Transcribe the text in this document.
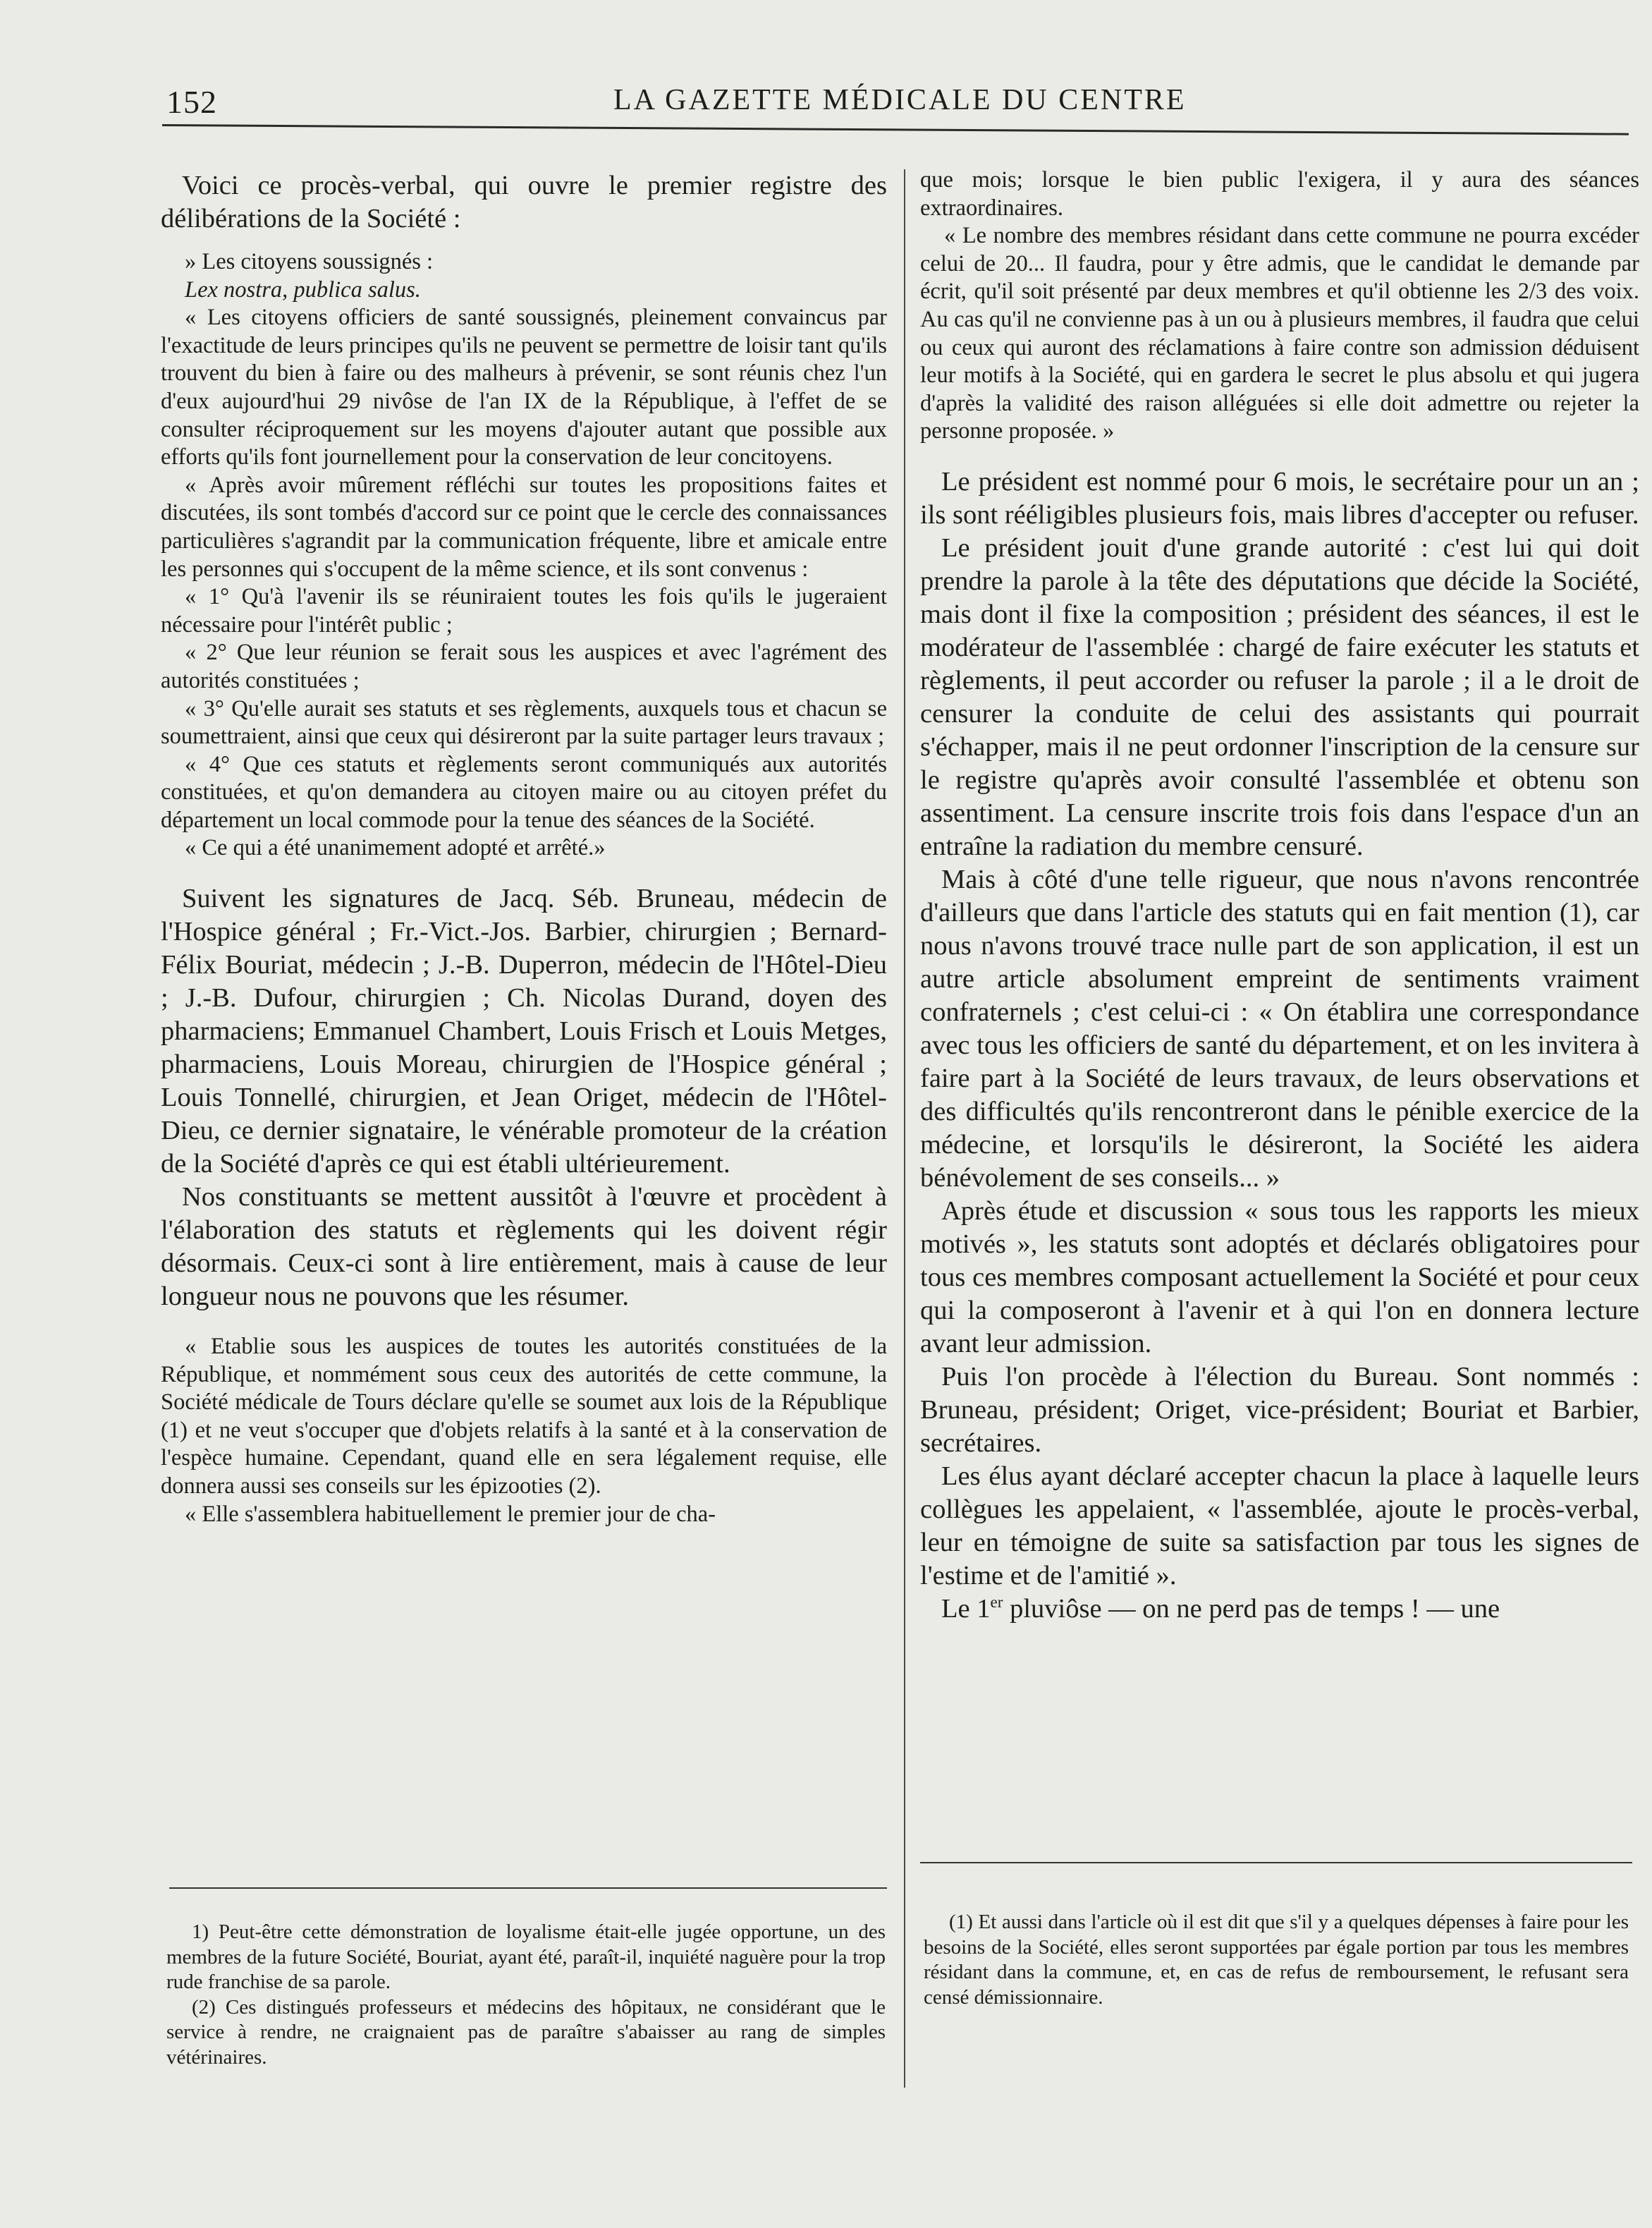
152	LA GAZETTE MÉDICALE DU CENTRE

Voici ce procès-verbal, qui ouvre le premier registre des délibérations de la Société :

» Les citoyens soussignés :

Lex nostra, publica salus.

« Les citoyens officiers de santé soussignés, pleinement convaincus par l'exactitude de leurs principes qu'ils ne peuvent se permettre de loisir tant qu'ils trouvent du bien à faire ou des malheurs à prévenir, se sont réunis chez l'un d'eux aujourd'hui 29 nivôse de l'an IX de la République, à l'effet de se consulter réciproquement sur les moyens d'ajouter autant que possible aux efforts qu'ils font journellement pour la conservation de leur concitoyens.

« Après avoir mûrement réfléchi sur toutes les propositions faites et discutées, ils sont tombés d'accord sur ce point que le cercle des connaissances particulières s'agrandit par la communication fréquente, libre et amicale entre les personnes qui s'occupent de la même science, et ils sont convenus :

« 1° Qu'à l'avenir ils se réuniraient toutes les fois qu'ils le jugeraient nécessaire pour l'intérêt public ;

« 2° Que leur réunion se ferait sous les auspices et avec l'agrément des autorités constituées ;

« 3° Qu'elle aurait ses statuts et ses règlements, auxquels tous et chacun se soumettraient, ainsi que ceux qui désireront par la suite partager leurs travaux ;

« 4° Que ces statuts et règlements seront communiqués aux autorités constituées, et qu'on demandera au citoyen maire ou au citoyen préfet du département un local commode pour la tenue des séances de la Société.

« Ce qui a été unanimement adopté et arrêté.»

Suivent les signatures de Jacq. Séb. Bruneau, médecin de l'Hospice général ; Fr.-Vict.-Jos. Barbier, chirurgien ; Bernard-Félix Bouriat, médecin ; J.-B. Duperron, médecin de l'Hôtel-Dieu ; J.-B. Dufour, chirurgien ; Ch. Nicolas Durand, doyen des pharmaciens; Emmanuel Chambert, Louis Frisch et Louis Metges, pharmaciens, Louis Moreau, chirurgien de l'Hospice général ; Louis Tonnellé, chirurgien, et Jean Origet, médecin de l'Hôtel-Dieu, ce dernier signataire, le vénérable promoteur de la création de la Société d'après ce qui est établi ultérieurement.

Nos constituants se mettent aussitôt à l'œuvre et procèdent à l'élaboration des statuts et règlements qui les doivent régir désormais. Ceux-ci sont à lire entièrement, mais à cause de leur longueur nous ne pouvons que les résumer.

« Etablie sous les auspices de toutes les autorités constituées de la République, et nommément sous ceux des autorités de cette commune, la Société médicale de Tours déclare qu'elle se soumet aux lois de la République (1) et ne veut s'occuper que d'objets relatifs à la santé et à la conservation de l'espèce humaine. Cependant, quand elle en sera légalement requise, elle donnera aussi ses conseils sur les épizooties (2).

« Elle s'assemblera habituellement le premier jour de cha-

que mois; lorsque le bien public l'exigera, il y aura des séances extraordinaires.

« Le nombre des membres résidant dans cette commune ne pourra excéder celui de 20... Il faudra, pour y être admis, que le candidat le demande par écrit, qu'il soit présenté par deux membres et qu'il obtienne les 2/3 des voix. Au cas qu'il ne convienne pas à un ou à plusieurs membres, il faudra que celui ou ceux qui auront des réclamations à faire contre son admission déduisent leur motifs à la Société, qui en gardera le secret le plus absolu et qui jugera d'après la validité des raison alléguées si elle doit admettre ou rejeter la personne proposée. »

Le président est nommé pour 6 mois, le secrétaire pour un an ; ils sont rééligibles plusieurs fois, mais libres d'accepter ou refuser.

Le président jouit d'une grande autorité : c'est lui qui doit prendre la parole à la tête des députations que décide la Société, mais dont il fixe la composition ; président des séances, il est le modérateur de l'assemblée : chargé de faire exécuter les statuts et règlements, il peut accorder ou refuser la parole ; il a le droit de censurer la conduite de celui des assistants qui pourrait s'échapper, mais il ne peut ordonner l'inscription de la censure sur le registre qu'après avoir consulté l'assemblée et obtenu son assentiment. La censure inscrite trois fois dans l'espace d'un an entraîne la radiation du membre censuré.

Mais à côté d'une telle rigueur, que nous n'avons rencontrée d'ailleurs que dans l'article des statuts qui en fait mention (1), car nous n'avons trouvé trace nulle part de son application, il est un autre article absolument empreint de sentiments vraiment confraternels ; c'est celui-ci : « On établira une correspondance avec tous les officiers de santé du département, et on les invitera à faire part à la Société de leurs travaux, de leurs observations et des difficultés qu'ils rencontreront dans le pénible exercice de la médecine, et lorsqu'ils le désireront, la Société les aidera bénévolement de ses conseils... »

Après étude et discussion « sous tous les rapports les mieux motivés », les statuts sont adoptés et déclarés obligatoires pour tous ces membres composant actuellement la Société et pour ceux qui la composeront à l'avenir et à qui l'on en donnera lecture avant leur admission.

Puis l'on procède à l'élection du Bureau. Sont nommés : Bruneau, président; Origet, vice-président; Bouriat et Barbier, secrétaires.

Les élus ayant déclaré accepter chacun la place à laquelle leurs collègues les appelaient, « l'assemblée, ajoute le procès-verbal, leur en témoigne de suite sa satisfaction par tous les signes de l'estime et de l'amitié ».

Le 1er pluviôse — on ne perd pas de temps ! — une

1) Peut-être cette démonstration de loyalisme était-elle jugée opportune, un des membres de la future Société, Bouriat, ayant été, paraît-il, inquiété naguère pour la trop rude franchise de sa parole.

(2) Ces distingués professeurs et médecins des hôpitaux, ne considérant que le service à rendre, ne craignaient pas de paraître s'abaisser au rang de simples vétérinaires.

(1) Et aussi dans l'article où il est dit que s'il y a quelques dépenses à faire pour les besoins de la Société, elles seront supportées par égale portion par tous les membres résidant dans la commune, et, en cas de refus de remboursement, le refusant sera censé démissionnaire.
